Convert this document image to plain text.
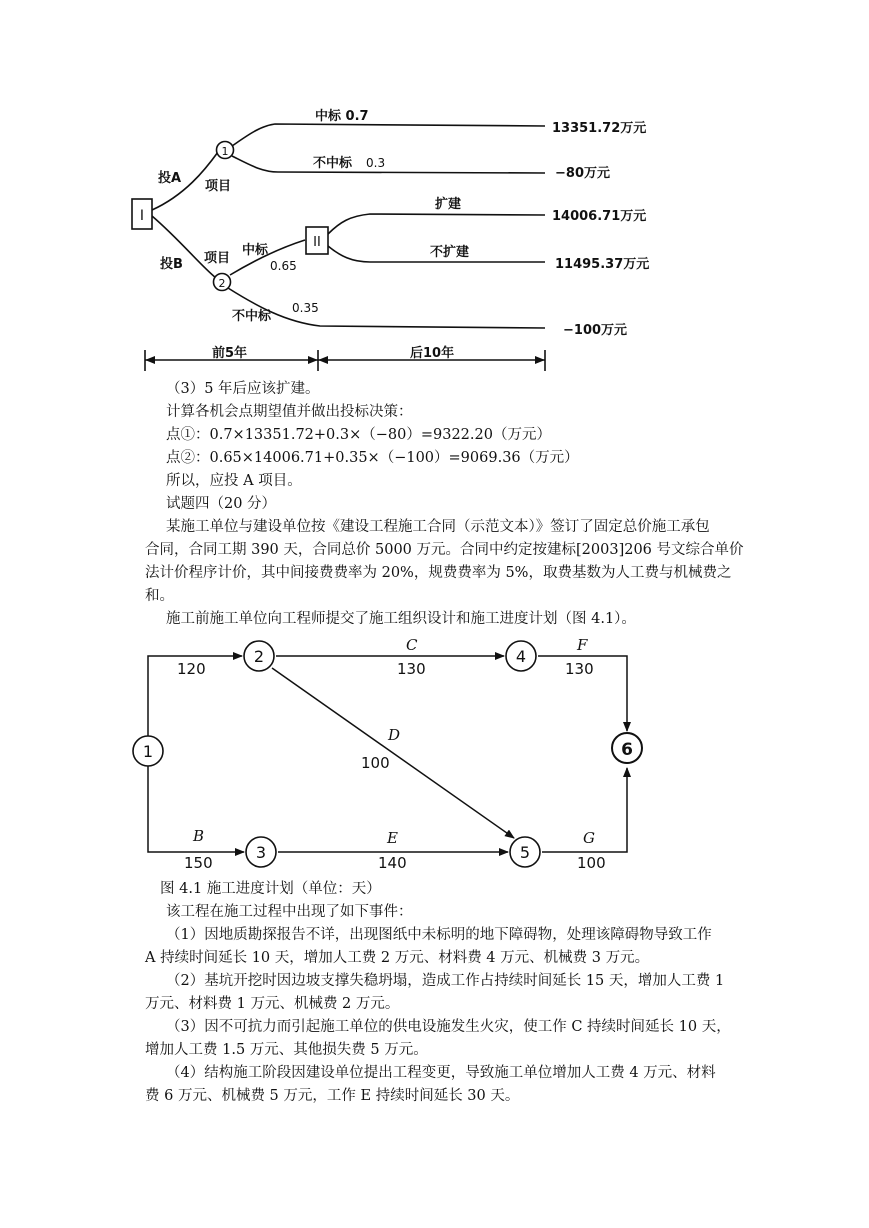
I
II
1
2
投A
项目
投B 项目
中标 0.7
不中标 0.3
中标
0.65
不中标
0.35
扩建
不扩建
13351.72万元
−80万元
14006.71万元
11495.37万元
−100万元
前5年	后10年
（3）5 年后应该扩建。
计算各机会点期望值并做出投标决策：
点①：0.7×13351.72+0.3×（−80）=9322.20（万元）
点②：0.65×14006.71+0.35×（−100）=9069.36（万元）
所以，应投 A 项目。
试题四（20 分）
某施工单位与建设单位按《建设工程施工合同（示范文本）》签订了固定总价施工承包
合同，合同工期 390 天，合同总价 5000 万元。合同中约定按建标[2003]206 号文综合单价
法计价程序计价，其中间接费费率为 20%，规费费率为 5%，取费基数为人工费与机械费之
和。
施工前施工单位向工程师提交了施工组织设计和施工进度计划（图 4.1）。
1
2
3
4
5
6
120
C
130
F
130
D
100
B
150
E
140
G
100
图 4.1 施工进度计划（单位：天）
该工程在施工过程中出现了如下事件：
（1）因地质勘探报告不详，出现图纸中未标明的地下障碍物，处理该障碍物导致工作
A 持续时间延长 10 天，增加人工费 2 万元、材料费 4 万元、机械费 3 万元。
（2）基坑开挖时因边坡支撑失稳坍塌，造成工作占持续时间延长 15 天，增加人工费 1
万元、材料费 1 万元、机械费 2 万元。
（3）因不可抗力而引起施工单位的供电设施发生火灾，使工作 C 持续时间延长 10 天，
增加人工费 1.5 万元、其他损失费 5 万元。
（4）结构施工阶段因建设单位提出工程变更，导致施工单位增加人工费 4 万元、材料
费 6 万元、机械费 5 万元，工作 E 持续时间延长 30 天。
